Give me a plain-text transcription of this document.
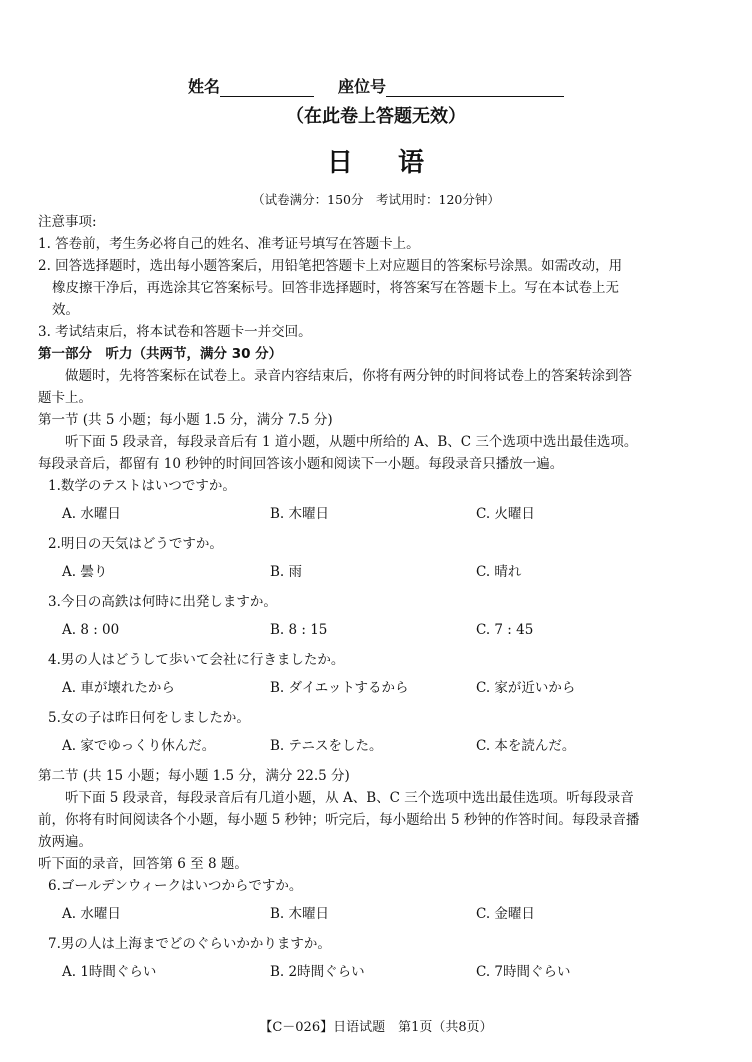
姓名	座位号
（在此卷上答题无效）
日 语
（试卷满分：150分　考试用时：120分钟）
注意事项:
1. 答卷前，考生务必将自己的姓名、准考证号填写在答题卡上。
2. 回答选择题时，选出每小题答案后，用铅笔把答题卡上对应题目的答案标号涂黑。如需改动，用
橡皮擦干净后，再选涂其它答案标号。回答非选择题时，将答案写在答题卡上。写在本试卷上无
效。
3. 考试结束后，将本试卷和答题卡一并交回。
第一部分　听力（共两节，满分 30 分）
做题时，先将答案标在试卷上。录音内容结束后，你将有两分钟的时间将试卷上的答案转涂到答
题卡上。
第一节 (共 5 小题；每小题 1.5 分，满分 7.5 分)
听下面 5 段录音，每段录音后有 1 道小题，从题中所给的 A、B、C 三个选项中选出最佳选项。
每段录音后，都留有 10 秒钟的时间回答该小题和阅读下一小题。每段录音只播放一遍。
1.数学のテストはいつですか。
A. 水曜日	B. 木曜日	C. 火曜日
2.明日の天気はどうですか。
A. 曇り	B. 雨	C. 晴れ
3.今日の高鉄は何時に出発しますか。
A. 8 : 00	B. 8 : 15	C. 7 : 45
4.男の人はどうして歩いて会社に行きましたか。
A. 車が壊れたから	B. ダイエットするから	C. 家が近いから
5.女の子は昨日何をしましたか。
A. 家でゆっくり休んだ。	B. テニスをした。	C. 本を読んだ。
第二节 (共 15 小题；每小题 1.5 分，满分 22.5 分)
听下面 5 段录音，每段录音后有几道小题，从 A、B、C 三个选项中选出最佳选项。听每段录音
前，你将有时间阅读各个小题，每小题 5 秒钟；听完后，每小题给出 5 秒钟的作答时间。每段录音播
放两遍。
听下面的录音，回答第 6 至 8 题。
6.ゴールデンウィークはいつからですか。
A. 水曜日	B. 木曜日	C. 金曜日
7.男の人は上海までどのぐらいかかりますか。
A. 1時間ぐらい	B. 2時間ぐらい	C. 7時間ぐらい
【C－026】日语试题　第1页（共8页）
